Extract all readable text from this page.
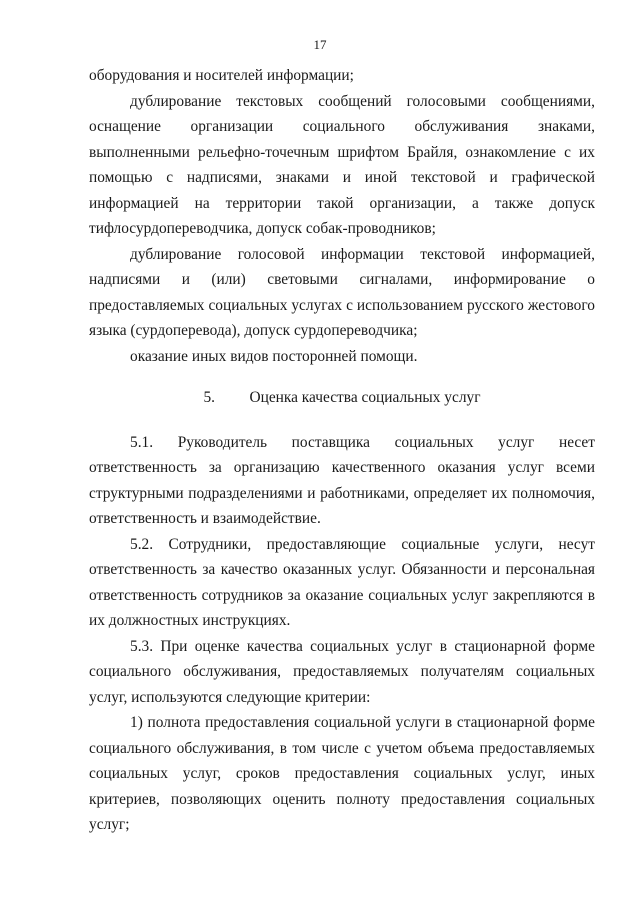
17

оборудования и носителей информации;

дублирование текстовых сообщений голосовыми сообщениями, оснащение организации социального обслуживания знаками, выполненными рельефно-точечным шрифтом Брайля, ознакомление с их помощью с надписями, знаками и иной текстовой и графической информацией на территории такой организации, а также допуск тифлосурдопереводчика, допуск собак-проводников;

дублирование голосовой информации текстовой информацией, надписями и (или) световыми сигналами, информирование о предоставляемых социальных услугах с использованием русского жестового языка (сурдоперевода), допуск сурдопереводчика;

оказание иных видов посторонней помощи.

5. Оценка качества социальных услуг

5.1. Руководитель поставщика социальных услуг несет ответственность за организацию качественного оказания услуг всеми структурными подразделениями и работниками, определяет их полномочия, ответственность и взаимодействие.

5.2. Сотрудники, предоставляющие социальные услуги, несут ответственность за качество оказанных услуг. Обязанности и персональная ответственность сотрудников за оказание социальных услуг закрепляются в их должностных инструкциях.

5.3. При оценке качества социальных услуг в стационарной форме социального обслуживания, предоставляемых получателям социальных услуг, используются следующие критерии:

1) полнота предоставления социальной услуги в стационарной форме социального обслуживания, в том числе с учетом объема предоставляемых социальных услуг, сроков предоставления социальных услуг, иных критериев, позволяющих оценить полноту предоставления социальных услуг;
